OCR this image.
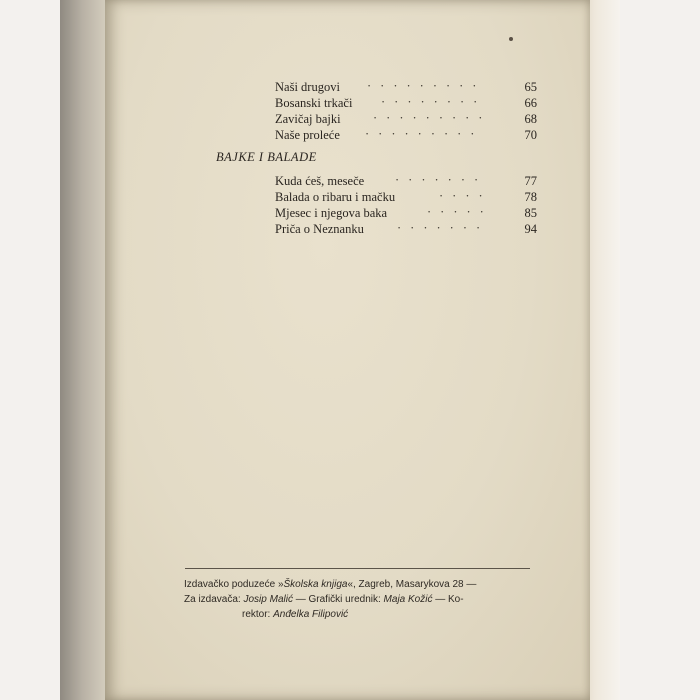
Naši drugovi ·········	65
Bosanski trkači ········	66
Zavičaj bajki	·········	68
Naše proleće ·········	70
BAJKE I BALADE
Kuda ćeš, meseče ·······	77
Balada o ribaru i mačku	····	78
Mjesec i njegova baka	·····	85
Priča o Neznanku	·······	94
Izdavačko poduzeće »Školska knjiga«, Zagreb, Masarykova 28 —
Za izdavača: Josip Malić — Grafički urednik: Maja Kožić — Ko-
rektor: Anđelka Filipović
